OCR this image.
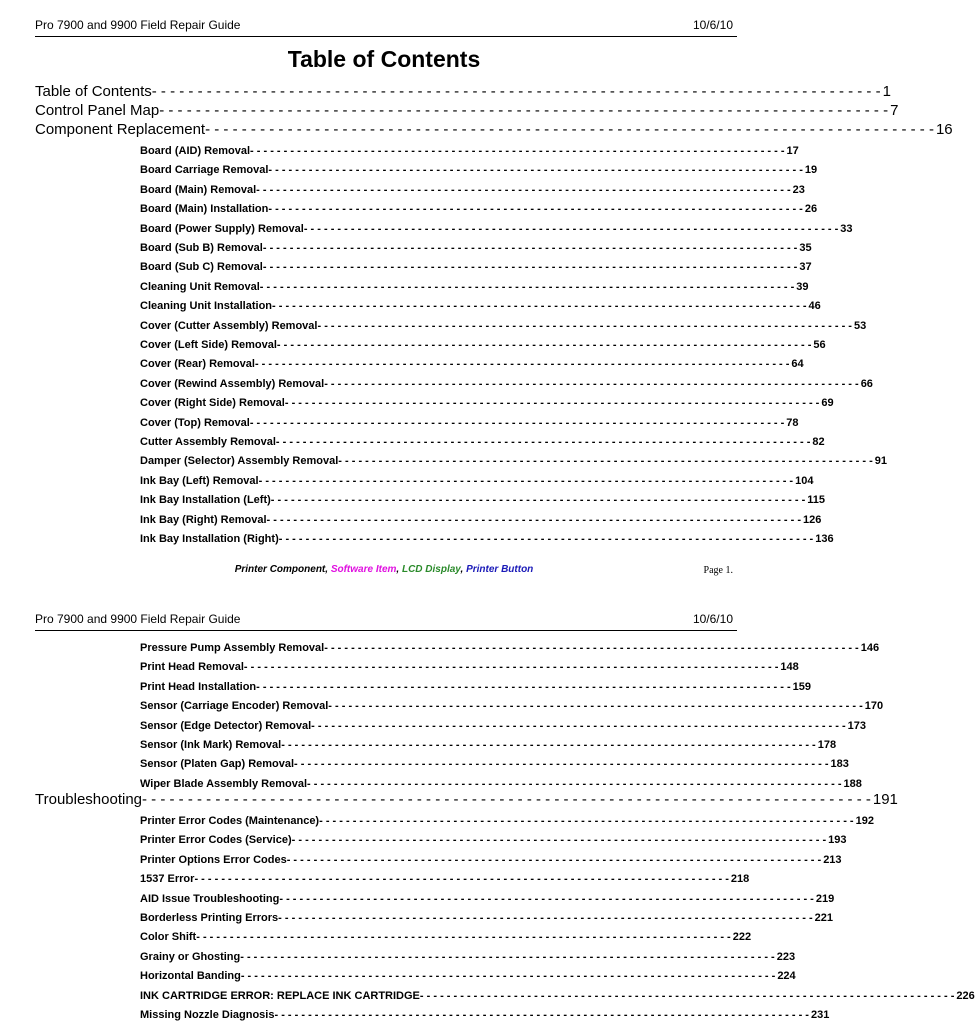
Pro 7900 and 9900 Field Repair Guide	10/6/10
Table of Contents
Table of Contents - - - - - - - - - - - - - - - - - - - - - - - - - - - - - - - - - - - - - - - - - - - - - - - - - - - - - - - - - - - - - - - - - - - - - - - - - - - - - - - - 1
Control Panel Map - - - - - - - - - - - - - - - - - - - - - - - - - - - - - - - - - - - - - - - - - - - - - - - - - - - - - - - - - - - - - - - - - - - - - - - - - - - - - - - - 7
Component Replacement - - - - - - - - - - - - - - - - - - - - - - - - - - - - - - - - - - - - - - - - - - - - - - - - - - - - - - - - - - - - - - - - - - - - - - - - - - - - - - - - 16
Board (AID) Removal - - - - - - - - - - - - - - - - - - - - - - - - - - - - - - - - - - - - - - - - - - - - - - - - - - - - - - - - - - - - - - - - - - - - - - - - - - - - - - - - 17
Board Carriage Removal - - - - - - - - - - - - - - - - - - - - - - - - - - - - - - - - - - - - - - - - - - - - - - - - - - - - - - - - - - - - - - - - - - - - - - - - - - - - - - - - 19
Board (Main) Removal - - - - - - - - - - - - - - - - - - - - - - - - - - - - - - - - - - - - - - - - - - - - - - - - - - - - - - - - - - - - - - - - - - - - - - - - - - - - - - - - 23
Board (Main) Installation - - - - - - - - - - - - - - - - - - - - - - - - - - - - - - - - - - - - - - - - - - - - - - - - - - - - - - - - - - - - - - - - - - - - - - - - - - - - - - - - 26
Board (Power Supply) Removal - - - - - - - - - - - - - - - - - - - - - - - - - - - - - - - - - - - - - - - - - - - - - - - - - - - - - - - - - - - - - - - - - - - - - - - - - - - - - - - - 33
Board (Sub B) Removal - - - - - - - - - - - - - - - - - - - - - - - - - - - - - - - - - - - - - - - - - - - - - - - - - - - - - - - - - - - - - - - - - - - - - - - - - - - - - - - - 35
Board (Sub C) Removal - - - - - - - - - - - - - - - - - - - - - - - - - - - - - - - - - - - - - - - - - - - - - - - - - - - - - - - - - - - - - - - - - - - - - - - - - - - - - - - - 37
Cleaning Unit Removal - - - - - - - - - - - - - - - - - - - - - - - - - - - - - - - - - - - - - - - - - - - - - - - - - - - - - - - - - - - - - - - - - - - - - - - - - - - - - - - - 39
Cleaning Unit Installation - - - - - - - - - - - - - - - - - - - - - - - - - - - - - - - - - - - - - - - - - - - - - - - - - - - - - - - - - - - - - - - - - - - - - - - - - - - - - - - - 46
Cover (Cutter Assembly) Removal - - - - - - - - - - - - - - - - - - - - - - - - - - - - - - - - - - - - - - - - - - - - - - - - - - - - - - - - - - - - - - - - - - - - - - - - - - - - - - - - 53
Cover (Left Side) Removal - - - - - - - - - - - - - - - - - - - - - - - - - - - - - - - - - - - - - - - - - - - - - - - - - - - - - - - - - - - - - - - - - - - - - - - - - - - - - - - - 56
Cover (Rear) Removal - - - - - - - - - - - - - - - - - - - - - - - - - - - - - - - - - - - - - - - - - - - - - - - - - - - - - - - - - - - - - - - - - - - - - - - - - - - - - - - - 64
Cover (Rewind Assembly) Removal - - - - - - - - - - - - - - - - - - - - - - - - - - - - - - - - - - - - - - - - - - - - - - - - - - - - - - - - - - - - - - - - - - - - - - - - - - - - - - - - 66
Cover (Right Side) Removal - - - - - - - - - - - - - - - - - - - - - - - - - - - - - - - - - - - - - - - - - - - - - - - - - - - - - - - - - - - - - - - - - - - - - - - - - - - - - - - - 69
Cover (Top) Removal - - - - - - - - - - - - - - - - - - - - - - - - - - - - - - - - - - - - - - - - - - - - - - - - - - - - - - - - - - - - - - - - - - - - - - - - - - - - - - - - 78
Cutter Assembly Removal - - - - - - - - - - - - - - - - - - - - - - - - - - - - - - - - - - - - - - - - - - - - - - - - - - - - - - - - - - - - - - - - - - - - - - - - - - - - - - - - 82
Damper (Selector) Assembly Removal - - - - - - - - - - - - - - - - - - - - - - - - - - - - - - - - - - - - - - - - - - - - - - - - - - - - - - - - - - - - - - - - - - - - - - - - - - - - - - - - 91
Ink Bay (Left) Removal - - - - - - - - - - - - - - - - - - - - - - - - - - - - - - - - - - - - - - - - - - - - - - - - - - - - - - - - - - - - - - - - - - - - - - - - - - - - - - - - 104
Ink Bay Installation (Left) - - - - - - - - - - - - - - - - - - - - - - - - - - - - - - - - - - - - - - - - - - - - - - - - - - - - - - - - - - - - - - - - - - - - - - - - - - - - - - - - 115
Ink Bay (Right) Removal - - - - - - - - - - - - - - - - - - - - - - - - - - - - - - - - - - - - - - - - - - - - - - - - - - - - - - - - - - - - - - - - - - - - - - - - - - - - - - - - 126
Ink Bay Installation (Right) - - - - - - - - - - - - - - - - - - - - - - - - - - - - - - - - - - - - - - - - - - - - - - - - - - - - - - - - - - - - - - - - - - - - - - - - - - - - - - - - 136
Printer Component, Software Item, LCD Display, Printer Button	Page 1.
Pro 7900 and 9900 Field Repair Guide	10/6/10
Pressure Pump Assembly Removal - - - - - - - - - - - - - - - - - - - - - - - - - - - - - - - - - - - - - - - - - - - - - - - - - - - - - - - - - - - - - - - - - - - - - - - - - - - - - - - - 146
Print Head Removal - - - - - - - - - - - - - - - - - - - - - - - - - - - - - - - - - - - - - - - - - - - - - - - - - - - - - - - - - - - - - - - - - - - - - - - - - - - - - - - - 148
Print Head Installation - - - - - - - - - - - - - - - - - - - - - - - - - - - - - - - - - - - - - - - - - - - - - - - - - - - - - - - - - - - - - - - - - - - - - - - - - - - - - - - - 159
Sensor (Carriage Encoder) Removal - - - - - - - - - - - - - - - - - - - - - - - - - - - - - - - - - - - - - - - - - - - - - - - - - - - - - - - - - - - - - - - - - - - - - - - - - - - - - - - - 170
Sensor (Edge Detector) Removal - - - - - - - - - - - - - - - - - - - - - - - - - - - - - - - - - - - - - - - - - - - - - - - - - - - - - - - - - - - - - - - - - - - - - - - - - - - - - - - - 173
Sensor (Ink Mark) Removal - - - - - - - - - - - - - - - - - - - - - - - - - - - - - - - - - - - - - - - - - - - - - - - - - - - - - - - - - - - - - - - - - - - - - - - - - - - - - - - - 178
Sensor (Platen Gap) Removal - - - - - - - - - - - - - - - - - - - - - - - - - - - - - - - - - - - - - - - - - - - - - - - - - - - - - - - - - - - - - - - - - - - - - - - - - - - - - - - - 183
Wiper Blade Assembly Removal - - - - - - - - - - - - - - - - - - - - - - - - - - - - - - - - - - - - - - - - - - - - - - - - - - - - - - - - - - - - - - - - - - - - - - - - - - - - - - - - 188
Troubleshooting - - - - - - - - - - - - - - - - - - - - - - - - - - - - - - - - - - - - - - - - - - - - - - - - - - - - - - - - - - - - - - - - - - - - - - - - - - - - - - - - 191
Printer Error Codes (Maintenance) - - - - - - - - - - - - - - - - - - - - - - - - - - - - - - - - - - - - - - - - - - - - - - - - - - - - - - - - - - - - - - - - - - - - - - - - - - - - - - - - 192
Printer Error Codes (Service) - - - - - - - - - - - - - - - - - - - - - - - - - - - - - - - - - - - - - - - - - - - - - - - - - - - - - - - - - - - - - - - - - - - - - - - - - - - - - - - - 193
Printer Options Error Codes - - - - - - - - - - - - - - - - - - - - - - - - - - - - - - - - - - - - - - - - - - - - - - - - - - - - - - - - - - - - - - - - - - - - - - - - - - - - - - - - 213
1537 Error - - - - - - - - - - - - - - - - - - - - - - - - - - - - - - - - - - - - - - - - - - - - - - - - - - - - - - - - - - - - - - - - - - - - - - - - - - - - - - - - 218
AID Issue Troubleshooting - - - - - - - - - - - - - - - - - - - - - - - - - - - - - - - - - - - - - - - - - - - - - - - - - - - - - - - - - - - - - - - - - - - - - - - - - - - - - - - - 219
Borderless Printing Errors - - - - - - - - - - - - - - - - - - - - - - - - - - - - - - - - - - - - - - - - - - - - - - - - - - - - - - - - - - - - - - - - - - - - - - - - - - - - - - - - 221
Color Shift - - - - - - - - - - - - - - - - - - - - - - - - - - - - - - - - - - - - - - - - - - - - - - - - - - - - - - - - - - - - - - - - - - - - - - - - - - - - - - - - 222
Grainy or Ghosting - - - - - - - - - - - - - - - - - - - - - - - - - - - - - - - - - - - - - - - - - - - - - - - - - - - - - - - - - - - - - - - - - - - - - - - - - - - - - - - - 223
Horizontal Banding - - - - - - - - - - - - - - - - - - - - - - - - - - - - - - - - - - - - - - - - - - - - - - - - - - - - - - - - - - - - - - - - - - - - - - - - - - - - - - - - 224
INK CARTRIDGE ERROR: REPLACE INK CARTRIDGE - - - - - - - - - - - - - - - - - - - - - - - - - - - - - - - - - - - - - - - - - - - - - - - - - - - - - - - - - - - - - - - - - - - - - - - - - - - - - - - - 226
Missing Nozzle Diagnosis - - - - - - - - - - - - - - - - - - - - - - - - - - - - - - - - - - - - - - - - - - - - - - - - - - - - - - - - - - - - - - - - - - - - - - - - - - - - - - - - 231
